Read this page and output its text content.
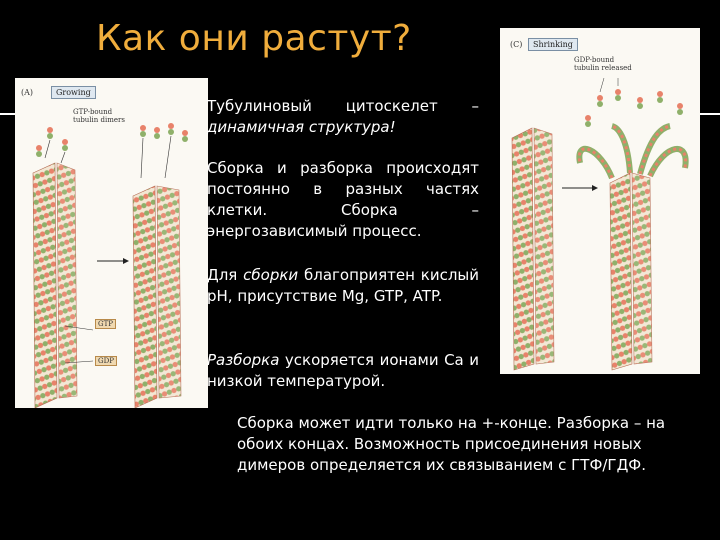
Как они растут?
(A)	Growing
GTP-bound
tubulin dimers
GTP
GDP
(C)	Shrinking
GDP-bound
tubulin released
Тубулиновый цитоскелет – динамичная структура!
Сборка и разборка происходят постоянно в разных частях клетки. Сборка – энергозависимый процесс.
Для сборки благоприятен кислый рН, присутствие Mg, GTP, ATP.
Разборка ускоряется ионами Са и низкой температурой.
Сборка может идти только на +-конце. Разборка – на обоих концах. Возможность присоединения новых димеров определяется их связыванием с ГТФ/ГДФ.
